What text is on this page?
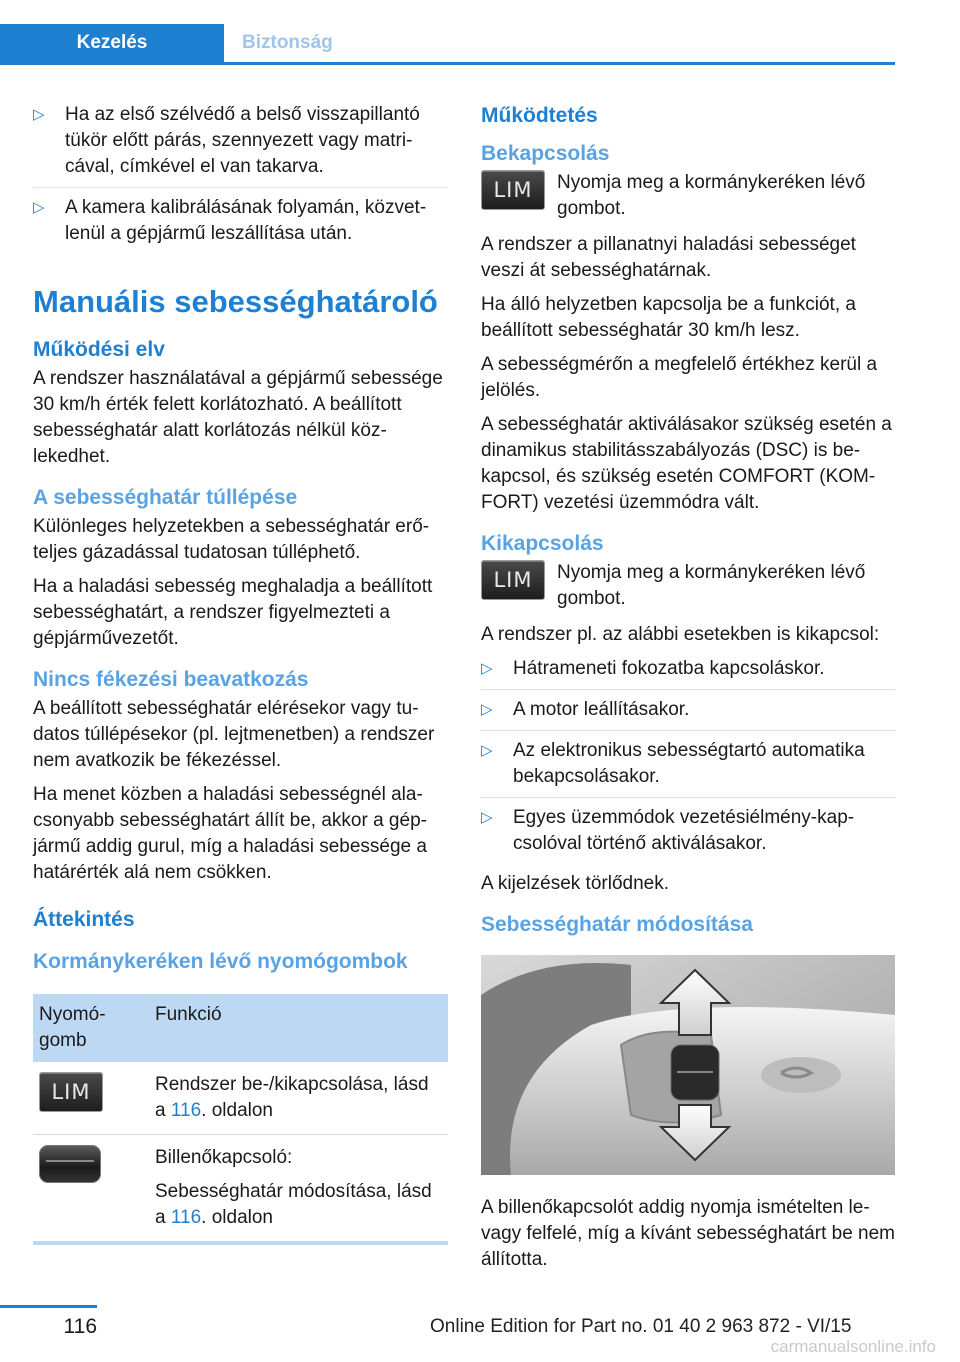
Kezelés	Biztonság
▷ Ha az első szélvédő a belső visszapillantó tükör előtt párás, szennyezett vagy matricával, címkével el van takarva.
▷ A kamera kalibrálásának folyamán, közvetlenül a gépjármű leszállítása után.
Manuális sebességhatároló
Működési elv

A rendszer használatával a gépjármű sebessége 30 km/h érték felett korlátozható. A beállított sebességhatár alatt korlátozás nélkül közlekedhet.

A sebességhatár túllépése

Különleges helyzetekben a sebességhatár erőteljes gázadással tudatosan túlléphető.

Ha a haladási sebesség meghaladja a beállított sebességhatárt, a rendszer figyelmezteti a gépjárművezetőt.

Nincs fékezési beavatkozás

A beállított sebességhatár elérésekor vagy tudatos túllépésekor (pl. lejtmenetben) a rendszer nem avatkozik be fékezéssel.

Ha menet közben a haladási sebességnél alacsonyabb sebességhatárt állít be, akkor a gépjármű addig gurul, míg a haladási sebessége a határérték alá nem csökken.

Áttekintés
Kormánykeréken lévő nyomógombok
Nyomógomb	Funkció

LIM	Rendszer be-/kikapcsolása, lásd a 116. oldalon

	Billenőkapcsoló:

Sebességhatár módosítása, lásd a 116. oldalon
Működtetés
Bekapcsolás
LIM	Nyomja meg a kormánykeréken lévő gombot.

A rendszer a pillanatnyi haladási sebességet veszi át sebességhatárnak.

Ha álló helyzetben kapcsolja be a funkciót, a beállított sebességhatár 30 km/h lesz.

A sebességmérőn a megfelelő értékhez kerül a jelölés.

A sebességhatár aktiválásakor szükség esetén a dinamikus stabilitásszabályozás (DSC) is bekapcsol, és szükség esetén COMFORT (KOMFORT) vezetési üzemmódra vált.

Kikapcsolás
LIM	Nyomja meg a kormánykeréken lévő gombot.

A rendszer pl. az alábbi esetekben is kikapcsol:

▷ Hátrameneti fokozatba kapcsoláskor.
▷ A motor leállításakor.
▷ Az elektronikus sebességtartó automatika bekapcsolásakor.
▷ Egyes üzemmódok vezetésiélmény-kapcsolóval történő aktiválásakor.

A kijelzések törlődnek.

Sebességhatár módosítása

A billenőkapcsolót addig nyomja ismételten le- vagy felfelé, míg a kívánt sebességhatárt be nem állította.

116	Online Edition for Part no. 01 40 2 963 872 - VI/15
carmanualsonline.info
